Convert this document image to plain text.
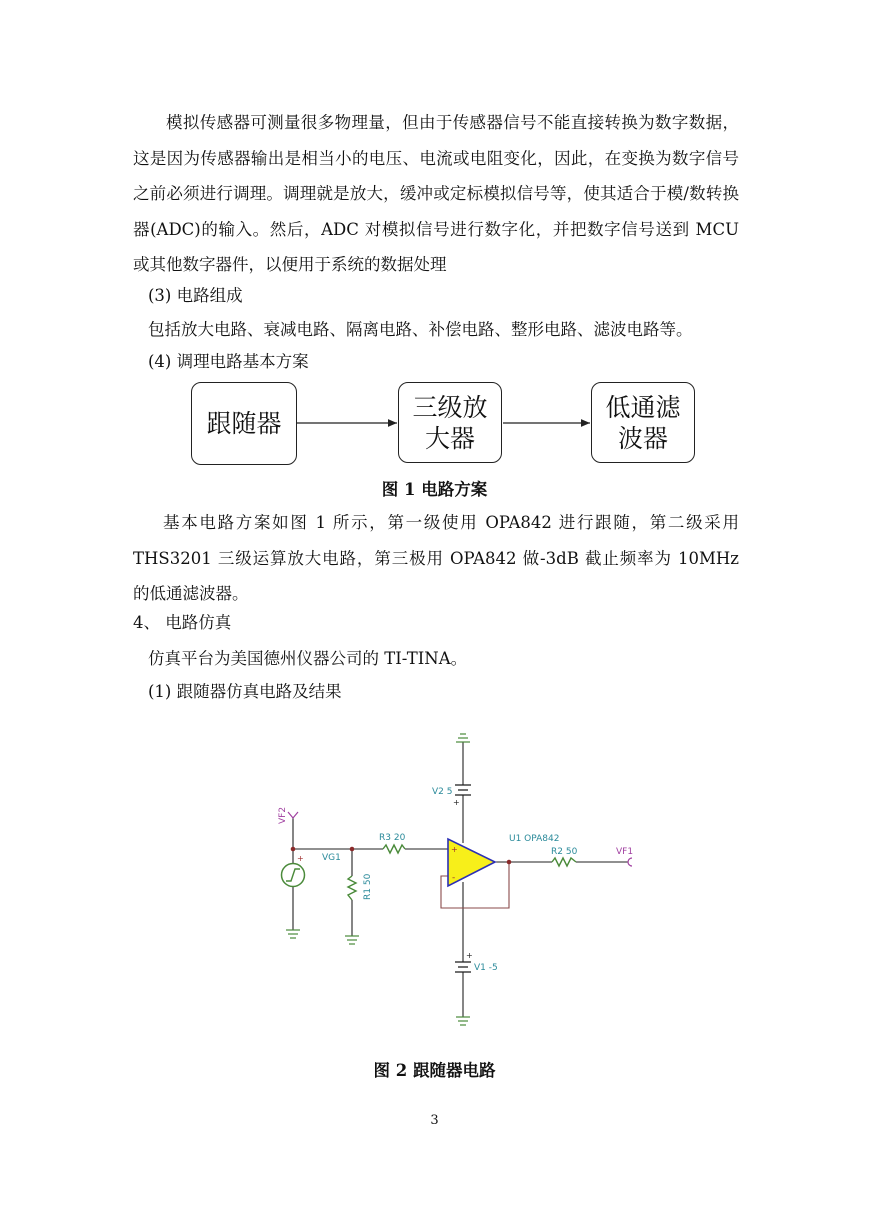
模拟传感器可测量很多物理量，但由于传感器信号不能直接转换为数字数据，这是因为传感器输出是相当小的电压、电流或电阻变化，因此，在变换为数字信号之前必须进行调理。调理就是放大，缓冲或定标模拟信号等，使其适合于模/数转换器(ADC)的输入。然后，ADC 对模拟信号进行数字化，并把数字信号送到 MCU 或其他数字器件，以便用于系统的数据处理

(3) 电路组成
包括放大电路、衰减电路、隔离电路、补偿电路、整形电路、滤波电路等。
(4) 调理电路基本方案
跟随器
三级放大器
低通滤波器
图 1 电路方案

基本电路方案如图 1 所示，第一级使用 OPA842 进行跟随，第二级采用 THS3201 三级运算放大电路，第三极用 OPA842 做-3dB 截止频率为 10MHz 的低通滤波器。

4、 电路仿真
仿真平台为美国德州仪器公司的 TI-TINA。
(1) 跟随器仿真电路及结果
VF2
VG1
+
R3 20
R1 50
U1 OPA842
R2 50	VF1
V2 5
+
V1 -5
+
+
-
图 2 跟随器电路
3
